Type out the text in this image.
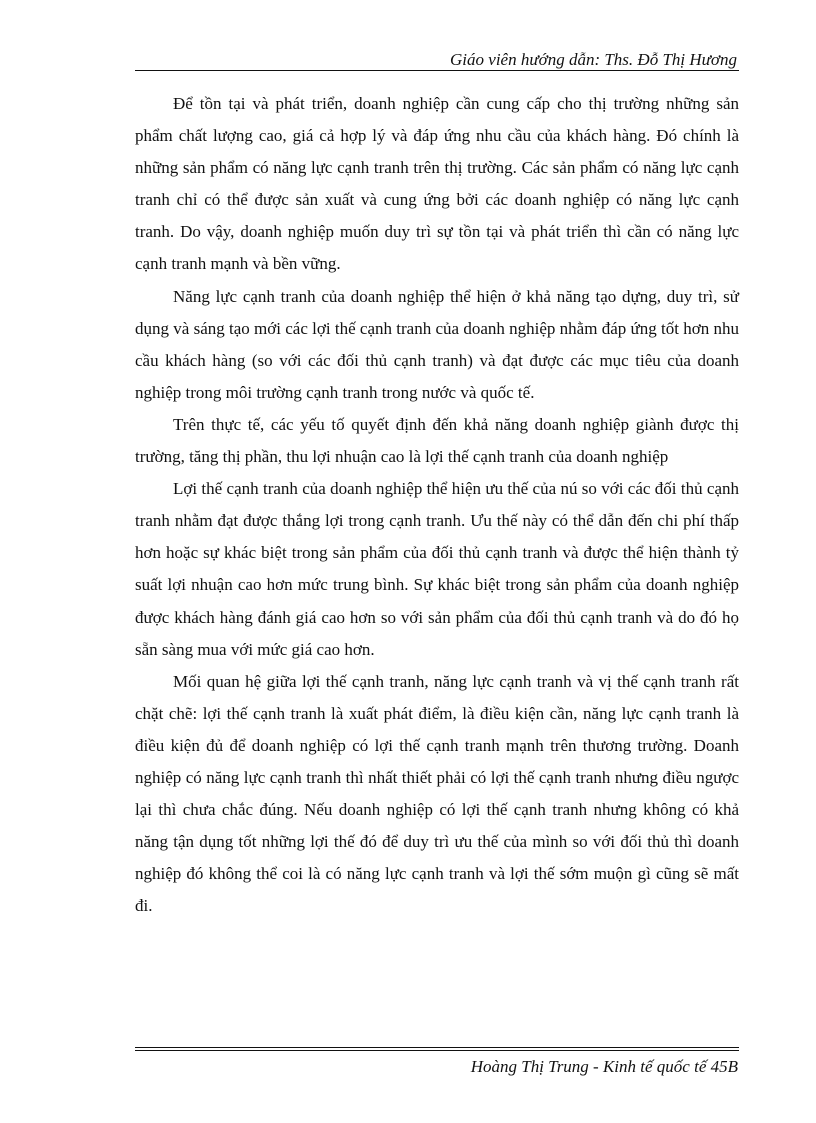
Giáo viên hướng dẫn: Ths. Đỗ Thị Hương

Để tồn tại và phát triển, doanh nghiệp cần cung cấp cho thị trường những sản phẩm chất lượng cao, giá cả hợp lý và đáp ứng nhu cầu của khách hàng. Đó chính là những sản phẩm có năng lực cạnh tranh trên thị trường. Các sản phẩm có năng lực cạnh tranh chỉ có thể được sản xuất và cung ứng bởi các doanh nghiệp có năng lực cạnh tranh. Do vậy, doanh nghiệp muốn duy trì sự tồn tại và phát triển thì cần có năng lực cạnh tranh mạnh và bền vững.

Năng lực cạnh tranh của doanh nghiệp thể hiện ở khả năng tạo dựng, duy trì, sử dụng và sáng tạo mới các lợi thế cạnh tranh của doanh nghiệp nhằm đáp ứng tốt hơn nhu cầu khách hàng (so với các đối thủ cạnh tranh) và đạt được các mục tiêu của doanh nghiệp trong môi trường cạnh tranh trong nước và quốc tế.

Trên thực tế, các yếu tố quyết định đến khả năng doanh nghiệp giành được thị trường, tăng thị phần, thu lợi nhuận cao là lợi thế cạnh tranh của doanh nghiệp

Lợi thế cạnh tranh của doanh nghiệp thể hiện ưu thế của nú so với các đối thủ cạnh tranh nhằm đạt được thắng lợi trong cạnh tranh. Ưu thế này có thể dẫn đến chi phí thấp hơn hoặc sự khác biệt trong sản phẩm của đối thủ cạnh tranh và được thể hiện thành tỷ suất lợi nhuận cao hơn mức trung bình. Sự khác biệt trong sản phẩm của doanh nghiệp được khách hàng đánh giá cao hơn so với sản phẩm của đối thủ cạnh tranh và do đó họ sẵn sàng mua với mức giá cao hơn.

Mối quan hệ giữa lợi thế cạnh tranh, năng lực cạnh tranh và vị thế cạnh tranh rất chặt chẽ: lợi thế cạnh tranh là xuất phát điểm, là điều kiện cần, năng lực cạnh tranh là điều kiện đủ để doanh nghiệp có lợi thế cạnh tranh mạnh trên thương trường. Doanh nghiệp có năng lực cạnh tranh thì nhất thiết phải có lợi thế cạnh tranh nhưng điều ngược lại thì chưa chắc đúng. Nếu doanh nghiệp có lợi thế cạnh tranh nhưng không có khả năng tận dụng tốt những lợi thế đó để duy trì ưu thế của mình so với đối thủ thì doanh nghiệp đó không thể coi là có năng lực cạnh tranh và lợi thế sớm muộn gì cũng sẽ mất đi.

Hoàng Thị Trung - Kinh tế quốc tế 45B
